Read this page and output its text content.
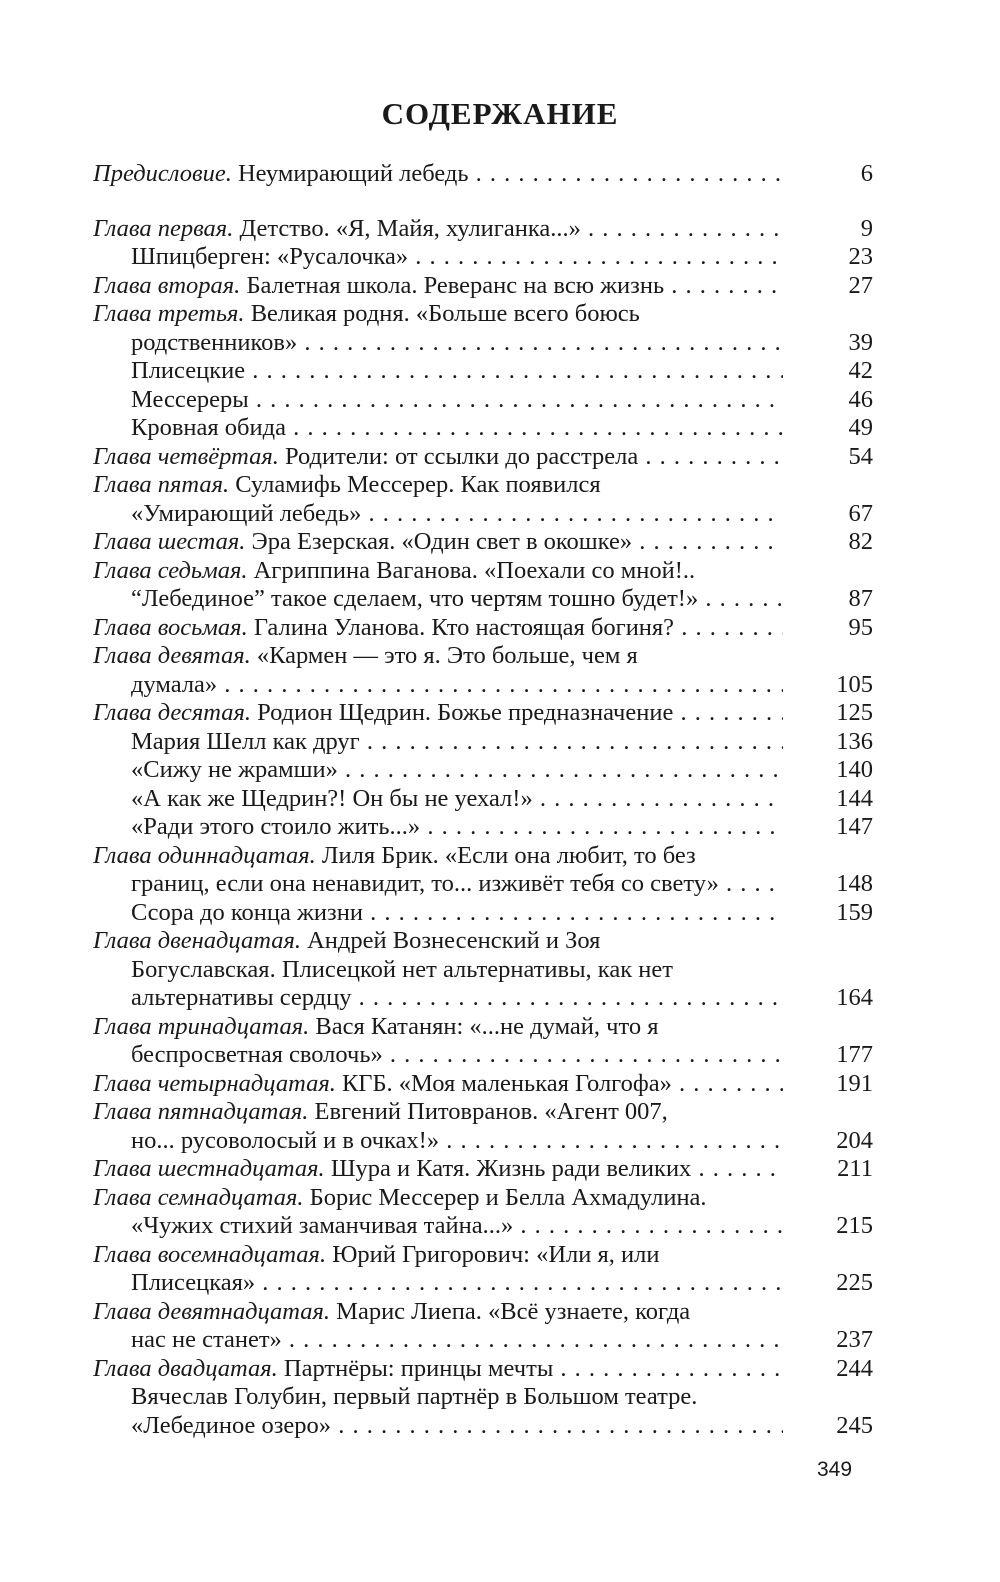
СОДЕРЖАНИЕ
Предисловие. Неумирающий лебедь . . .	6
Глава первая. Детство. «Я, Майя, хулиганка...» . . .	9
Шпицберген: «Русалочка» . . .	23
Глава вторая. Балетная школа. Реверанс на всю жизнь . . .	27
Глава третья. Великая родня. «Больше всего боюсь
родственников» . . .	39
Плисецкие . . .	42
Мессереры . . .	46
Кровная обида . . .	49
Глава четвёртая. Родители: от ссылки до расстрела . . .	54
Глава пятая. Суламифь Мессерер. Как появился
«Умирающий лебедь» . . .	67
Глава шестая. Эра Езерская. «Один свет в окошке» . . .	82
Глава седьмая. Агриппина Ваганова. «Поехали со мной!..
“Лебединое” такое сделаем, что чертям тошно будет!» . . .	87
Глава восьмая. Галина Уланова. Кто настоящая богиня? . . .	95
Глава девятая. «Кармен — это я. Это больше, чем я
думала» . . .	105
Глава десятая. Родион Щедрин. Божье предназначение . . .	125
Мария Шелл как друг . . .	136
«Сижу не жрамши» . . .	140
«А как же Щедрин?! Он бы не уехал!» . . .	144
«Ради этого стоило жить...» . . .	147
Глава одиннадцатая. Лиля Брик. «Если она любит, то без
границ, если она ненавидит, то... изживёт тебя со свету» . . .	148
Ссора до конца жизни . . .	159
Глава двенадцатая. Андрей Вознесенский и Зоя
Богуславская. Плисецкой нет альтернативы, как нет
альтернативы сердцу . . .	164
Глава тринадцатая. Вася Катанян: «...не думай, что я
беспросветная сволочь» . . .	177
Глава четырнадцатая. КГБ. «Моя маленькая Голгофа» . . .	191
Глава пятнадцатая. Евгений Питовранов. «Агент 007,
но... русоволосый и в очках!» . . .	204
Глава шестнадцатая. Шура и Катя. Жизнь ради великих . . .	211
Глава семнадцатая. Борис Мессерер и Белла Ахмадулина.
«Чужих стихий заманчивая тайна...» . . .	215
Глава восемнадцатая. Юрий Григорович: «Или я, или
Плисецкая» . . .	225
Глава девятнадцатая. Марис Лиепа. «Всё узнаете, когда
нас не станет» . . .	237
Глава двадцатая. Партнёры: принцы мечты . . .	244
Вячеслав Голубин, первый партнёр в Большом театре.
«Лебединое озеро» . . .	245
349
